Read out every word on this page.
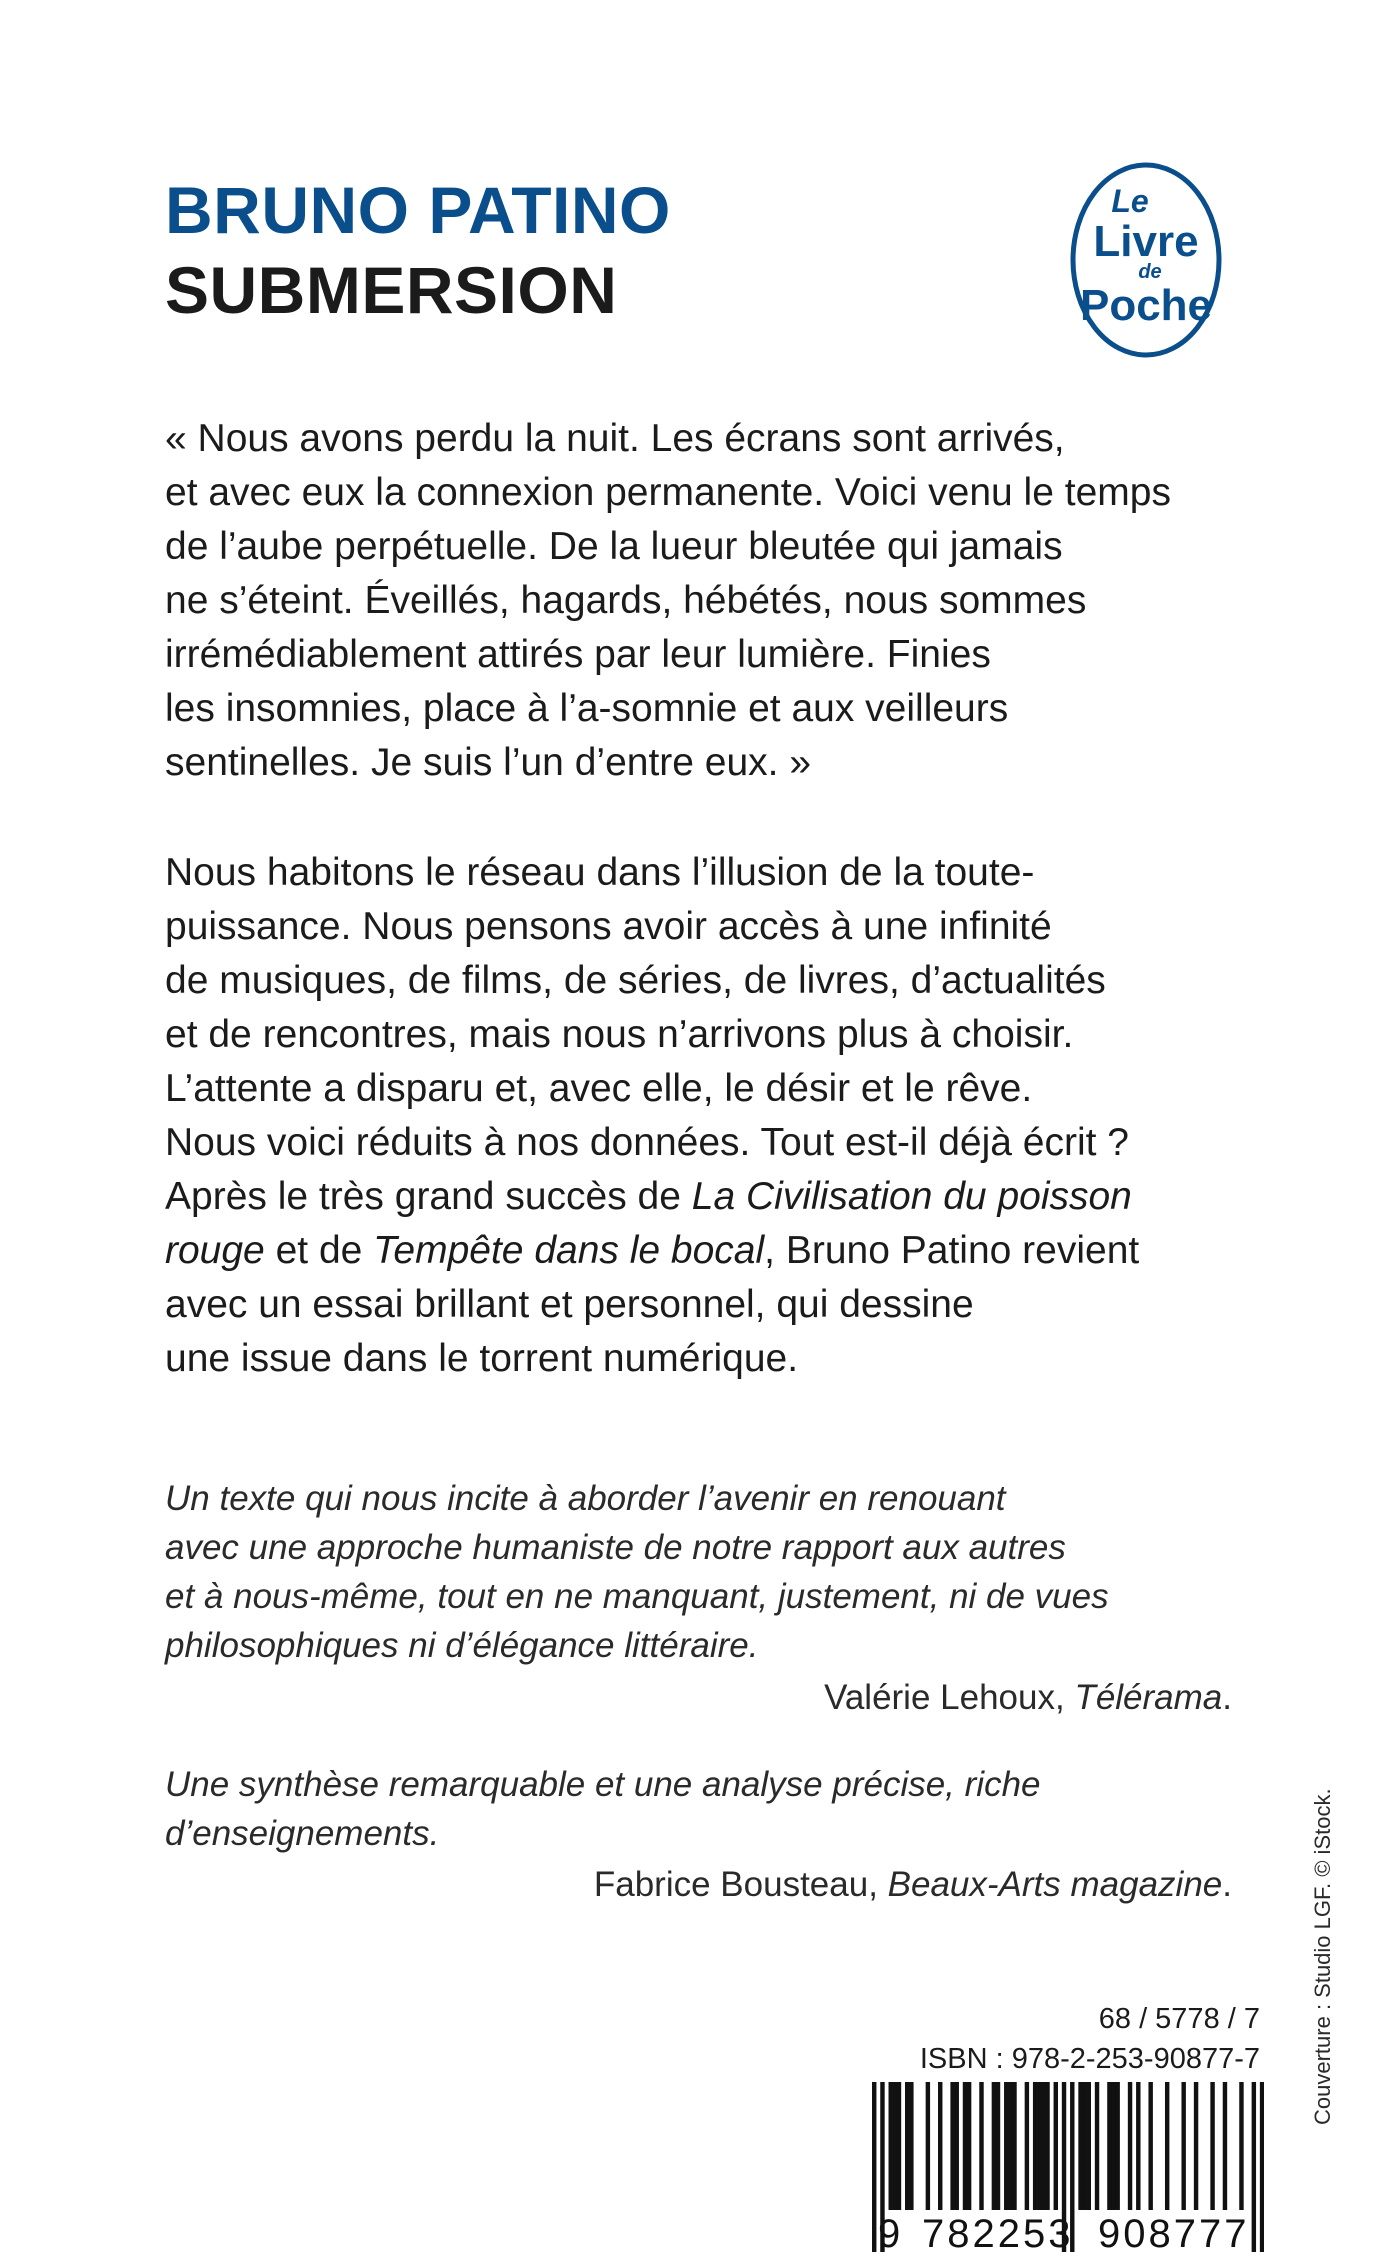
BRUNO PATINO
SUBMERSION
Le
Livre
de
Poche
« Nous avons perdu la nuit. Les écrans sont arrivés,
et avec eux la connexion permanente. Voici venu le temps
de l’aube perpétuelle. De la lueur bleutée qui jamais
ne s’éteint. Éveillés, hagards, hébétés, nous sommes
irrémédiablement attirés par leur lumière. Finies
les insomnies, place à l’a-somnie et aux veilleurs
sentinelles. Je suis l’un d’entre eux. »
Nous habitons le réseau dans l’illusion de la toute-
puissance. Nous pensons avoir accès à une infinité
de musiques, de films, de séries, de livres, d’actualités
et de rencontres, mais nous n’arrivons plus à choisir.
L’attente a disparu et, avec elle, le désir et le rêve.
Nous voici réduits à nos données. Tout est-il déjà écrit ?
Après le très grand succès de La Civilisation du poisson
rouge et de Tempête dans le bocal, Bruno Patino revient
avec un essai brillant et personnel, qui dessine
une issue dans le torrent numérique.
Un texte qui nous incite à aborder l’avenir en renouant
avec une approche humaniste de notre rapport aux autres
et à nous-même, tout en ne manquant, justement, ni de vues
philosophiques ni d’élégance littéraire.
Valérie Lehoux, Télérama.
Une synthèse remarquable et une analyse précise, riche
d’enseignements.
Fabrice Bousteau, Beaux-Arts magazine.	Couverture : Studio LGF. © iStock.
68 / 5778 / 7
ISBN : 978-2-253-90877-7
9 782253 908777
